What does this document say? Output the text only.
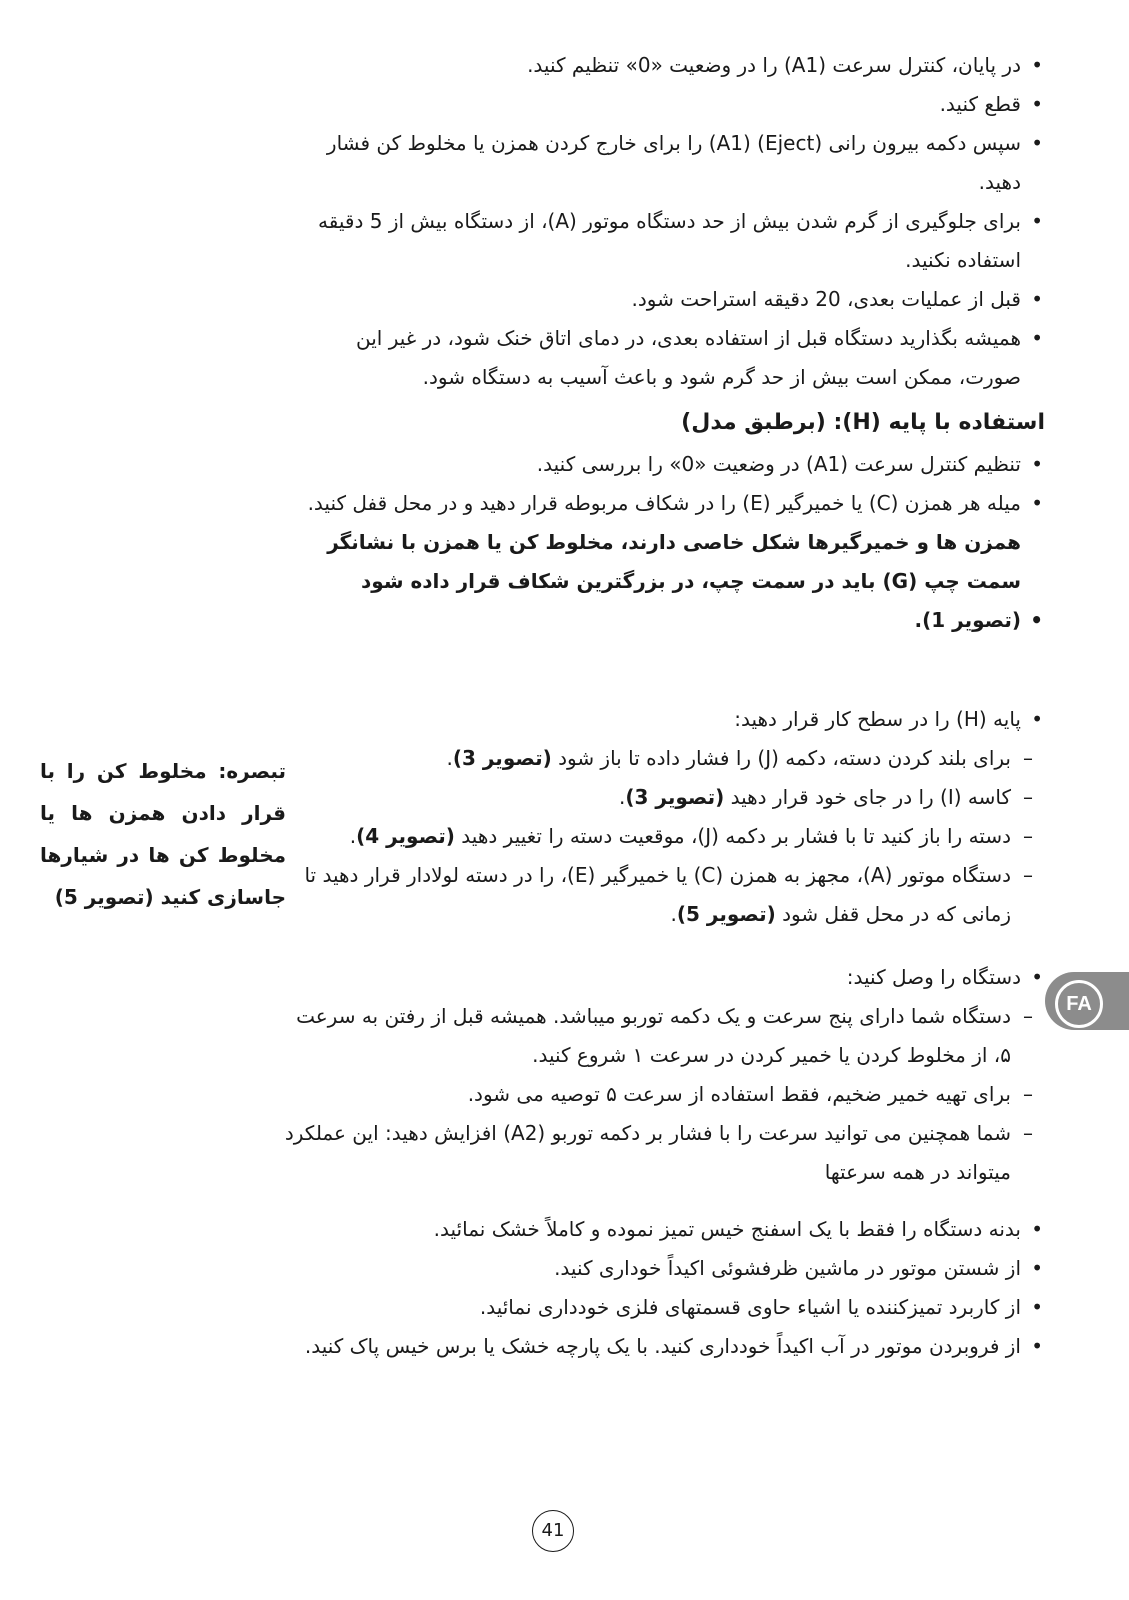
• در پایان، کنترل سرعت (A1) را در وضعیت «0» تنظیم کنید.

• قطع کنید.

• سپس دکمه بیرون رانی (Eject) (A1) را برای خارج کردن همزن یا مخلوط کن فشار دهید.

• برای جلوگیری از گرم شدن بیش از حد دستگاه موتور (A)، از دستگاه بیش از 5 دقیقه استفاده نکنید.

• قبل از عملیات بعدی، 20 دقیقه استراحت شود.

• همیشه بگذارید دستگاه قبل از استفاده بعدی، در دمای اتاق خنک شود، در غیر این صورت، ممکن است بیش از حد گرم شود و باعث آسیب به دستگاه شود.

استفاده با پایه (H): (برطبق مدل)

• تنظیم کنترل سرعت (A1) در وضعیت «0» را بررسی کنید.

• میله هر همزن (C) یا خمیرگیر (E) را در شکاف مربوطه قرار دهید و در محل قفل کنید. همزن ها و خمیرگیرها شکل خاصی دارند، مخلوط کن یا همزن با نشانگر سمت چپ (G) باید در سمت چپ، در بزرگترین شکاف قرار داده شود

• (تصویر 1).

• پایه (H) را در سطح کار قرار دهید:

– برای بلند کردن دسته، دکمه (J) را فشار داده تا باز شود (تصویر 3).

– کاسه (I) را در جای خود قرار دهید (تصویر 3).

– دسته را باز کنید تا با فشار بر دکمه (J)، موقعیت دسته را تغییر دهید (تصویر 4).

– دستگاه موتور (A)، مجهز به همزن (C) یا خمیرگیر (E)، را در دسته لولادار قرار دهید تا زمانی که در محل قفل شود (تصویر 5).

• دستگاه را وصل کنید:

– دستگاه شما دارای پنج سرعت و یک دکمه توربو میباشد. همیشه قبل از رفتن به سرعت ۵، از مخلوط کردن یا خمیر کردن در سرعت ۱ شروع کنید.

– برای تهیه خمیر ضخیم، فقط استفاده از سرعت ۵ توصیه می شود.

– شما همچنین می توانید سرعت را با فشار بر دکمه توربو (A2) افزایش دهید: این عملکرد میتواند در همه سرعتها

• بدنه دستگاه را فقط با یک اسفنج خیس تمیز نموده و کاملاً خشک نمائید.

• از شستن موتور در ماشین ظرفشوئی اکیداً خوداری کنید.

• از کاربرد تمیزکننده یا اشیاء حاوی قسمتهای فلزی خودداری نمائید.

• از فروبردن موتور در آب اکیداً خودداری کنید. با یک پارچه خشک یا برس خیس پاک کنید.

تبصره: مخلوط کن را با قرار دادن همزن ها یا مخلوط کن ها در شیارها جاسازی کنید (تصویر 5)
FA
41
